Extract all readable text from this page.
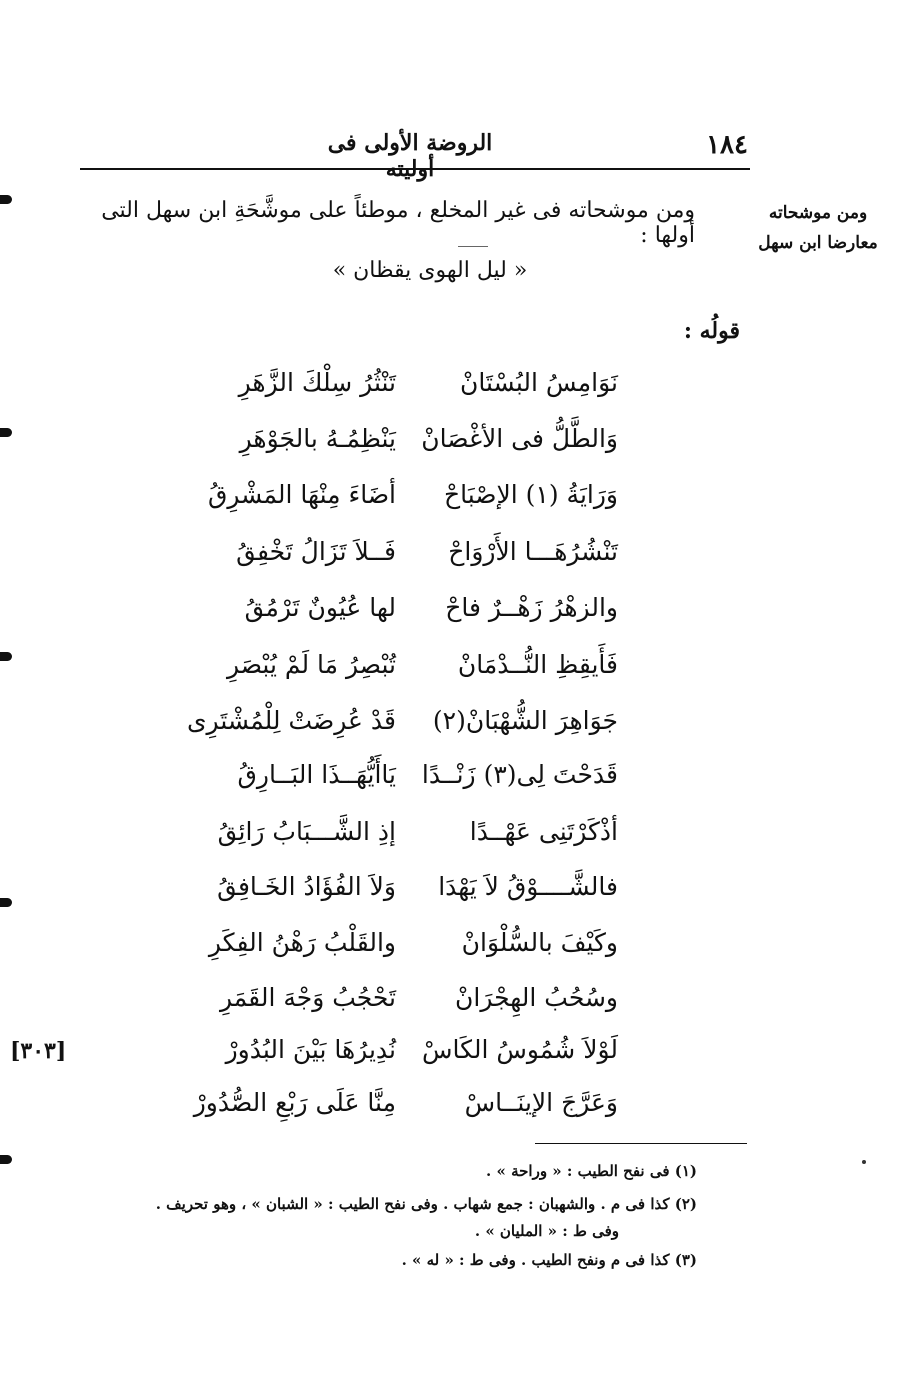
١٨٤
الروضة الأولى فى أوليته
ومن موشحاته
معارضا ابن سهل
ومن موشحاته فى غير المخلع ، موطئاً على موشَّحَةِ ابن سهل التى أولها :
« ليل الهوى يقظان »
قولُه :
نَوَامِسُ البُسْتَانْ
تَنْثُرُ سِلْكَ الزَّهَرِ
وَالطَّلُّ فى الأغْصَانْ
يَنْظِمُـهُ بالجَوْهَرِ
وَرَايَةُ (١) الإصْبَاحْ
أضَاءَ مِنْهَا المَشْرِقُ
تَنْشُرُهَـــا الأَرْوَاحْ
فَــلاَ تَزَالُ تَخْفِقُ
والزهْرُ زَهْــرٌ فاحْ
لها عُيُونٌ تَرْمُقُ
فَأَيقِظِ النُّــدْمَانْ
تُبْصِرُ مَا لَمْ يُبْصَرِ
جَوَاهِرَ الشُّهْبَانْ(٢)
قَدْ عُرِضَتْ لِلْمُشْتَرِى
قَدَحْتَ لِى(٣) زَنْــدًا
يَاأَيُّهَــذَا البَــارِقُ
أذْكَرْتَنِى عَهْــدًا
إذِ الشَّـــبَابُ رَائِقُ
فالشَّــــوْقُ لاَ يَهْدَا
وَلاَ الفُؤَادُ الخَـافِقُ
وكَيْفَ بالسُّلْوَانْ
والقَلْبُ رَهْنُ الفِكَرِ
وسُحُبُ الهِجْرَانْ
تَحْجُبُ وَجْهَ القَمَرِ
لَوْلاَ شُمُوسُ الكَاسْ
نُدِيرُهَا بَيْنَ البُدُورْ
وَعَرَّجَ الإينَــاسْ
مِنَّا عَلَى رَبْعِ الصُّدُورْ
[٣٠٣]
(١) فى نفح الطيب : « وراحة » .
(٢) كذا فى م . والشهبان : جمع شهاب . وفى نفح الطيب : « الشبان » ، وهو تحريف .
وفى ط : « المليان » .
(٣) كذا فى م ونفح الطيب . وفى ط : « له » .
